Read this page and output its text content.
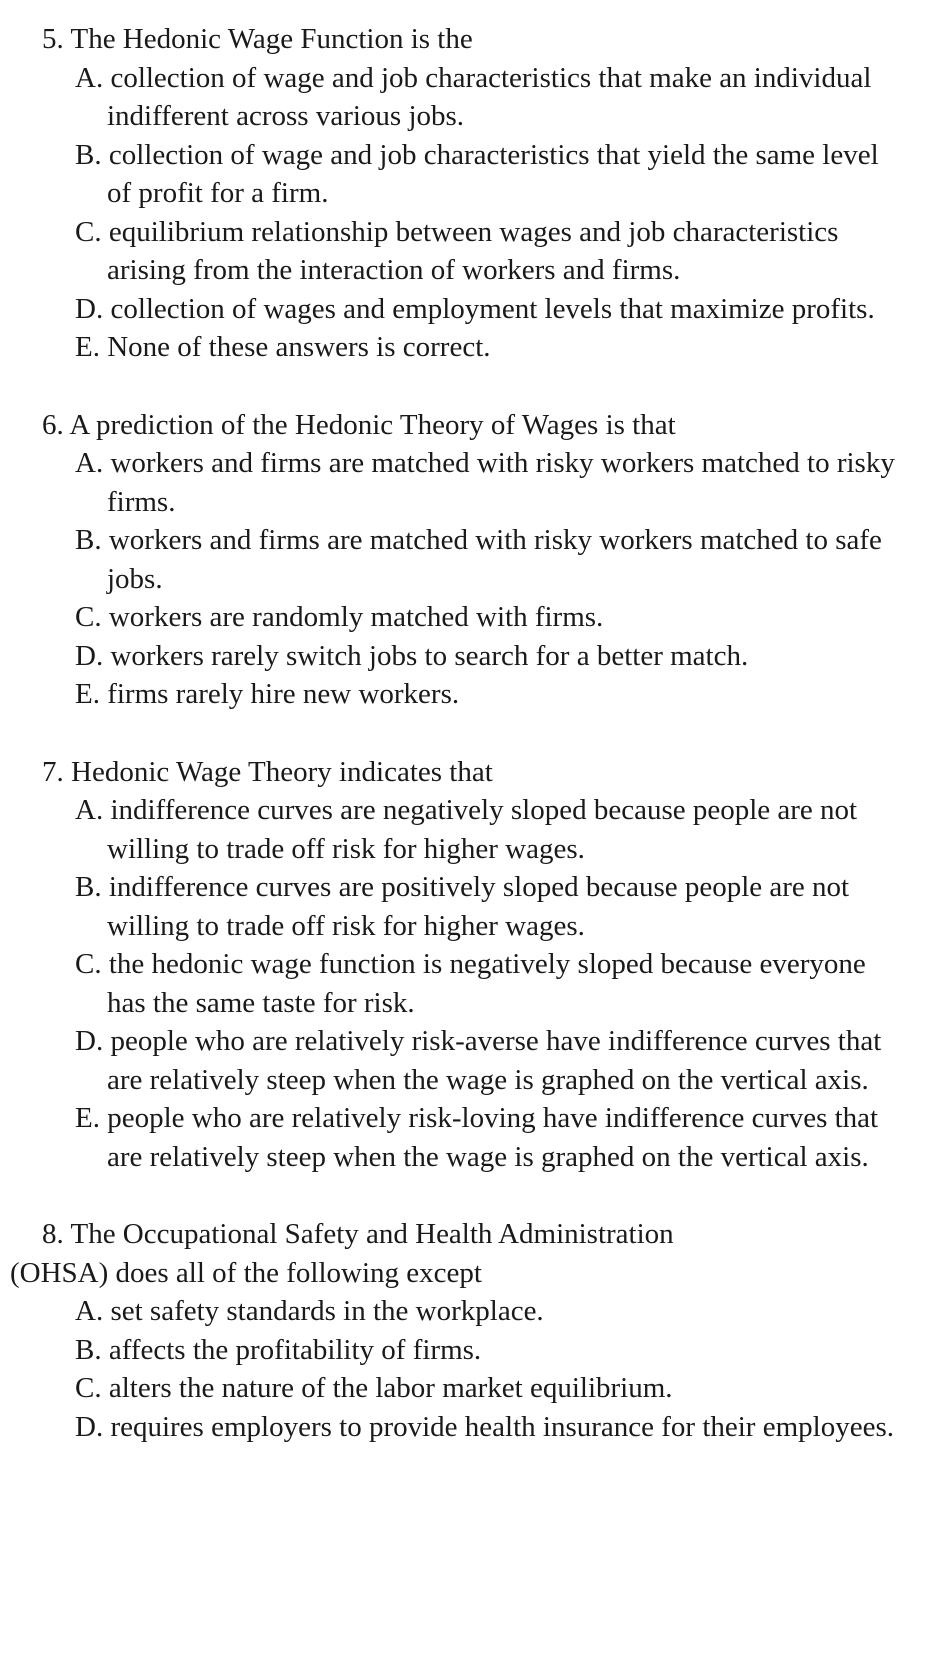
5. The Hedonic Wage Function is the
A. collection of wage and job characteristics that make an individual indifferent across various jobs.
B. collection of wage and job characteristics that yield the same level of profit for a firm.
C. equilibrium relationship between wages and job characteristics arising from the interaction of workers and firms.
D. collection of wages and employment levels that maximize profits.
E. None of these answers is correct.
6. A prediction of the Hedonic Theory of Wages is that
A. workers and firms are matched with risky workers matched to risky firms.
B. workers and firms are matched with risky workers matched to safe jobs.
C. workers are randomly matched with firms.
D. workers rarely switch jobs to search for a better match.
E. firms rarely hire new workers.
7. Hedonic Wage Theory indicates that
A. indifference curves are negatively sloped because people are not willing to trade off risk for higher wages.
B. indifference curves are positively sloped because people are not willing to trade off risk for higher wages.
C. the hedonic wage function is negatively sloped because everyone has the same taste for risk.
D. people who are relatively risk-averse have indifference curves that are relatively steep when the wage is graphed on the vertical axis.
E. people who are relatively risk-loving have indifference curves that are relatively steep when the wage is graphed on the vertical axis.
8. The Occupational Safety and Health Administration (OHSA) does all of the following except
A. set safety standards in the workplace.
B. affects the profitability of firms.
C. alters the nature of the labor market equilibrium.
D. requires employers to provide health insurance for their employees.
